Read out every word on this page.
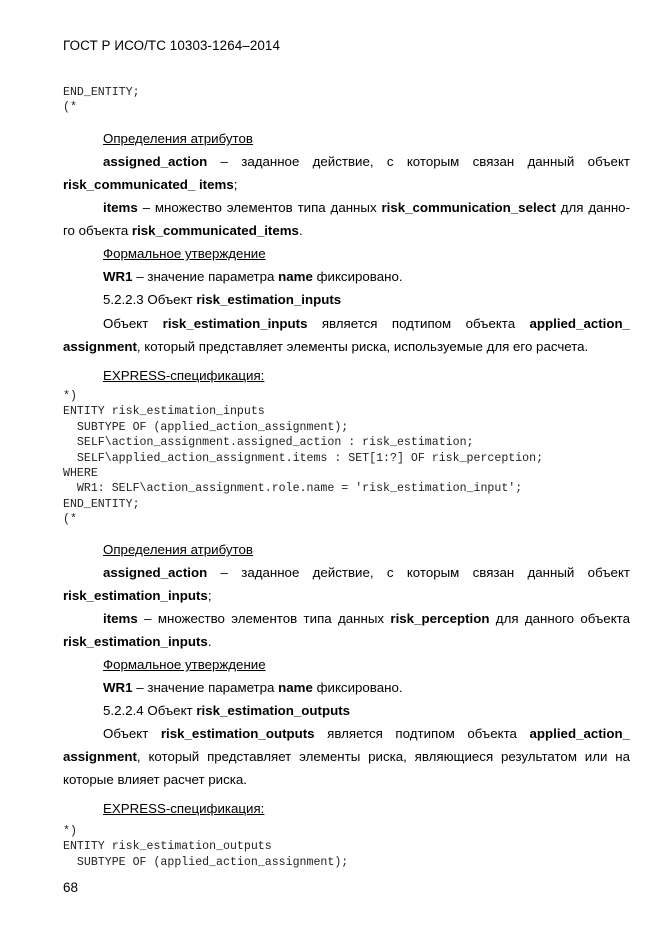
ГОСТ Р ИСО/ТС 10303-1264–2014
END_ENTITY;
(*
Определения атрибутов
assigned_action – заданное действие, с которым связан данный объект
risk_communicated_ items;
items – множество элементов типа данных risk_communication_select для данно-
го объекта risk_communicated_items.
Формальное утверждение
WR1 – значение параметра name фиксировано.
5.2.2.3 Объект risk_estimation_inputs
Объект risk_estimation_inputs является подтипом объекта applied_action_
assignment, который представляет элементы риска, используемые для его расчета.
EXPRESS-спецификация:
*)
ENTITY risk_estimation_inputs
SUBTYPE OF (applied_action_assignment);
SELF\action_assignment.assigned_action : risk_estimation;
SELF\applied_action_assignment.items : SET[1:?] OF risk_perception;
WHERE
WR1: SELF\action_assignment.role.name = 'risk_estimation_input';
END_ENTITY;
(*
Определения атрибутов
assigned_action – заданное действие, с которым связан данный объект
risk_estimation_inputs;
items – множество элементов типа данных risk_perception для данного объекта
risk_estimation_inputs.
Формальное утверждение
WR1 – значение параметра name фиксировано.
5.2.2.4 Объект risk_estimation_outputs
Объект risk_estimation_outputs является подтипом объекта applied_action_
assignment, который представляет элементы риска, являющиеся результатом или на
которые влияет расчет риска.
EXPRESS-спецификация:
*)
ENTITY risk_estimation_outputs
SUBTYPE OF (applied_action_assignment);
68
